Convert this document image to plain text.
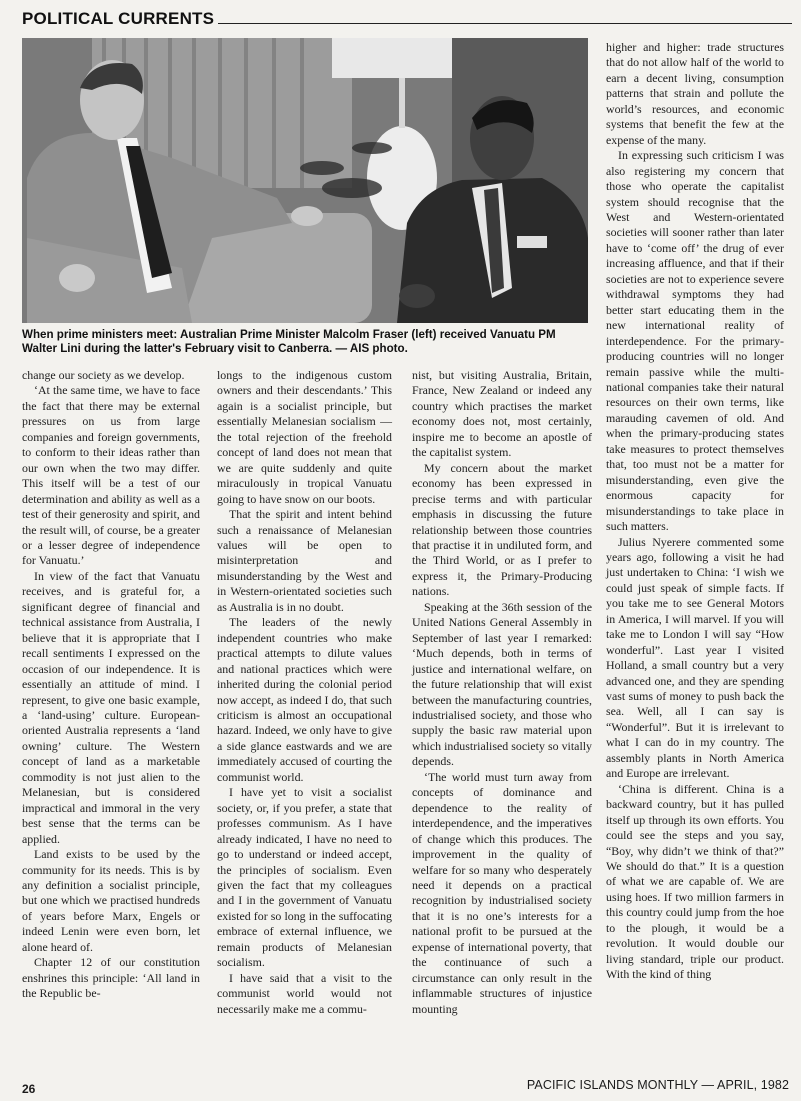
POLITICAL CURRENTS
When prime ministers meet: Australian Prime Minister Malcolm Fraser (left) received Vanuatu PM Walter Lini during the latter's February visit to Canberra. — AIS photo.

change our society as we develop.

‘At the same time, we have to face the fact that there may be external pressures on us from large companies and foreign governments, to conform to their ideas rather than our own when the two may differ. This itself will be a test of our determination and ability as well as a test of their generosity and spirit, and the result will, of course, be a greater or a lesser degree of independence for Vanuatu.’

In view of the fact that Vanuatu receives, and is grateful for, a significant degree of financial and technical assistance from Australia, I believe that it is appropriate that I recall sentiments I expressed on the occasion of our independence. It is essentially an attitude of mind. I represent, to give one basic example, a ‘land-using’ culture. European-oriented Australia represents a ‘land owning’ culture. The Western concept of land as a marketable commodity is not just alien to the Melanesian, but is considered impractical and immoral in the very best sense that the terms can be applied.

Land exists to be used by the community for its needs. This is by any definition a socialist principle, but one which we practised hundreds of years before Marx, Engels or indeed Lenin were even born, let alone heard of.

Chapter 12 of our constitution enshrines this principle: ‘All land in the Republic be-

longs to the indigenous custom owners and their descendants.’ This again is a socialist principle, but essentially Melanesian socialism — the total rejection of the freehold concept of land does not mean that we are quite suddenly and quite miraculously in tropical Vanuatu going to have snow on our boots.

That the spirit and intent behind such a renaissance of Melanesian values will be open to misinterpretation and misunderstanding by the West and in Western-orientated societies such as Australia is in no doubt.

The leaders of the newly independent countries who make practical attempts to dilute values and national practices which were inherited during the colonial period now accept, as indeed I do, that such criticism is almost an occupational hazard. Indeed, we only have to give a side glance eastwards and we are immediately accused of courting the communist world.

I have yet to visit a socialist society, or, if you prefer, a state that professes communism. As I have already indicated, I have no need to go to understand or indeed accept, the principles of socialism. Even given the fact that my colleagues and I in the government of Vanuatu existed for so long in the suffocating embrace of external influence, we remain products of Melanesian socialism.

I have said that a visit to the communist world would not necessarily make me a commu-

nist, but visiting Australia, Britain, France, New Zealand or indeed any country which practises the market economy does not, most certainly, inspire me to become an apostle of the capitalist system.

My concern about the market economy has been expressed in precise terms and with particular emphasis in discussing the future relationship between those countries that practise it in undiluted form, and the Third World, or as I prefer to express it, the Primary-Producing nations.

Speaking at the 36th session of the United Nations General Assembly in September of last year I remarked: ‘Much depends, both in terms of justice and international welfare, on the future relationship that will exist between the manufacturing countries, industrialised society, and those who supply the basic raw material upon which industrialised society so vitally depends.

‘The world must turn away from concepts of dominance and dependence to the reality of interdependence, and the imperatives of change which this produces. The improvement in the quality of welfare for so many who desperately need it depends on a practical recognition by industrialised society that it is no one’s interests for a national profit to be pursued at the expense of international poverty, that the continuance of such a circumstance can only result in the inflammable structures of injustice mounting

higher and higher: trade structures that do not allow half of the world to earn a decent living, consumption patterns that strain and pollute the world’s resources, and economic systems that benefit the few at the expense of the many.

In expressing such criticism I was also registering my concern that those who operate the capitalist system should recognise that the West and Western-orientated societies will sooner rather than later have to ‘come off’ the drug of ever increasing affluence, and that if their societies are not to experience severe withdrawal symptoms they had better start educating them in the new international reality of interdependence. For the primary-producing countries will no longer remain passive while the multi-national companies take their natural resources on their own terms, like marauding cavemen of old. And when the primary-producing states take measures to protect themselves that, too must not be a matter for misunderstanding, even give the enormous capacity for misunderstandings to take place in such matters.

Julius Nyerere commented some years ago, following a visit he had just undertaken to China: ‘I wish we could just speak of simple facts. If you take me to see General Motors in America, I will marvel. If you will take me to London I will say “How wonderful”. Last year I visited Holland, a small country but a very advanced one, and they are spending vast sums of money to push back the sea. Well, all I can say is “Wonderful”. But it is irrelevant to what I can do in my country. The assembly plants in North America and Europe are irrelevant.

‘China is different. China is a backward country, but it has pulled itself up through its own efforts. You could see the steps and you say, “Boy, why didn’t we think of that?” We should do that.” It is a question of what we are capable of. We are using hoes. If two million farmers in this country could jump from the hoe to the plough, it would be a revolution. It would double our living standard, triple our product. With the kind of thing

26	PACIFIC ISLANDS MONTHLY — APRIL, 1982
